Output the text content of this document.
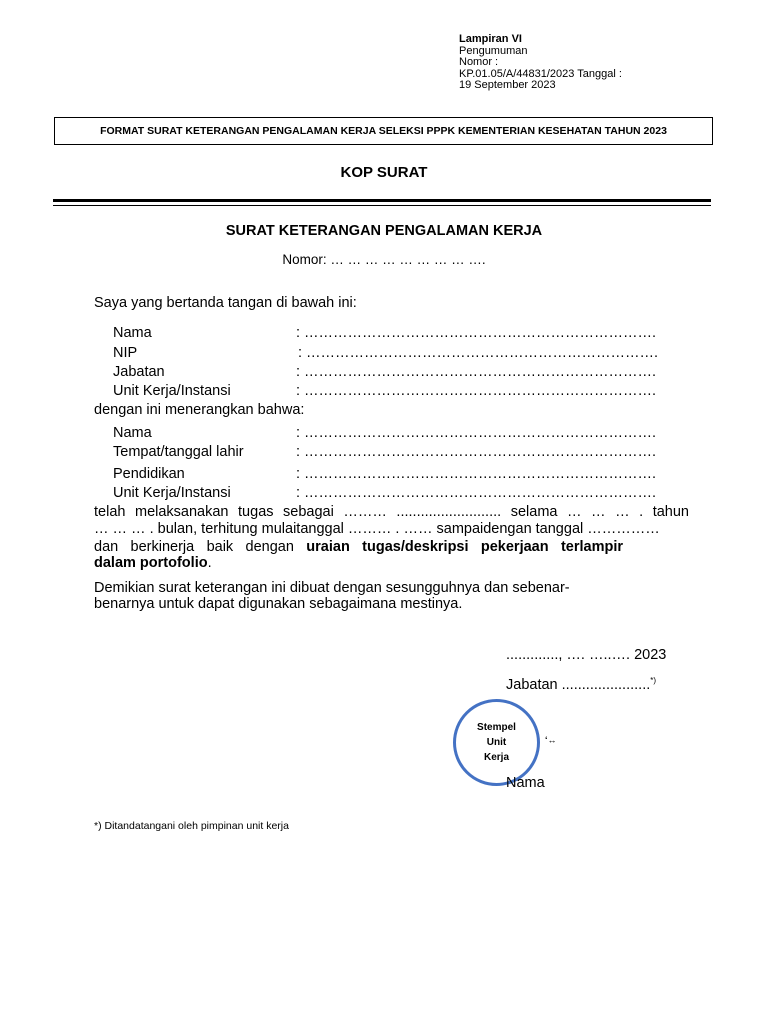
Lampiran VI
Pengumuman
Nomor :
KP.01.05/A/44831/2023 Tanggal :
19 September 2023
FORMAT SURAT KETERANGAN PENGALAMAN KERJA SELEKSI PPPK KEMENTERIAN KESEHATAN TAHUN 2023
KOP SURAT
SURAT KETERANGAN PENGALAMAN KERJA
Nomor: … … … … … … … … ….
Saya yang bertanda tangan di bawah ini:
Nama	: ……………………………………………………………….
NIP	: ……………………………………………………………….
Jabatan	: ……………………………………………………………….
Unit Kerja/Instansi	: ……………………………………………………………….
dengan ini menerangkan bahwa:
Nama	: ……………………………………………………………….
Tempat/tanggal lahir	: ……………………………………………………………….
Pendidikan	: ……………………………………………………………….
Unit Kerja/Instansi	: ……………………………………………………………….
telah melaksanakan tugas sebagai ……… .......................... selama … … … . tahun
… … … . bulan, terhitung mulaitanggal ……… . …… sampaidengan tanggal ……………
dan berkinerja baik dengan uraian tugas/deskripsi pekerjaan terlampir
dalam portofolio.
Demikian surat keterangan ini dibuat dengan sesungguhnya dan sebenar-
benarnya untuk dapat digunakan sebagaimana mestinya.
............., …. …..…. 2023
Jabatan ......................*)
Stempel
Unit
Kerja
ʻ↔
Nama
*) Ditandatangani oleh pimpinan unit kerja
